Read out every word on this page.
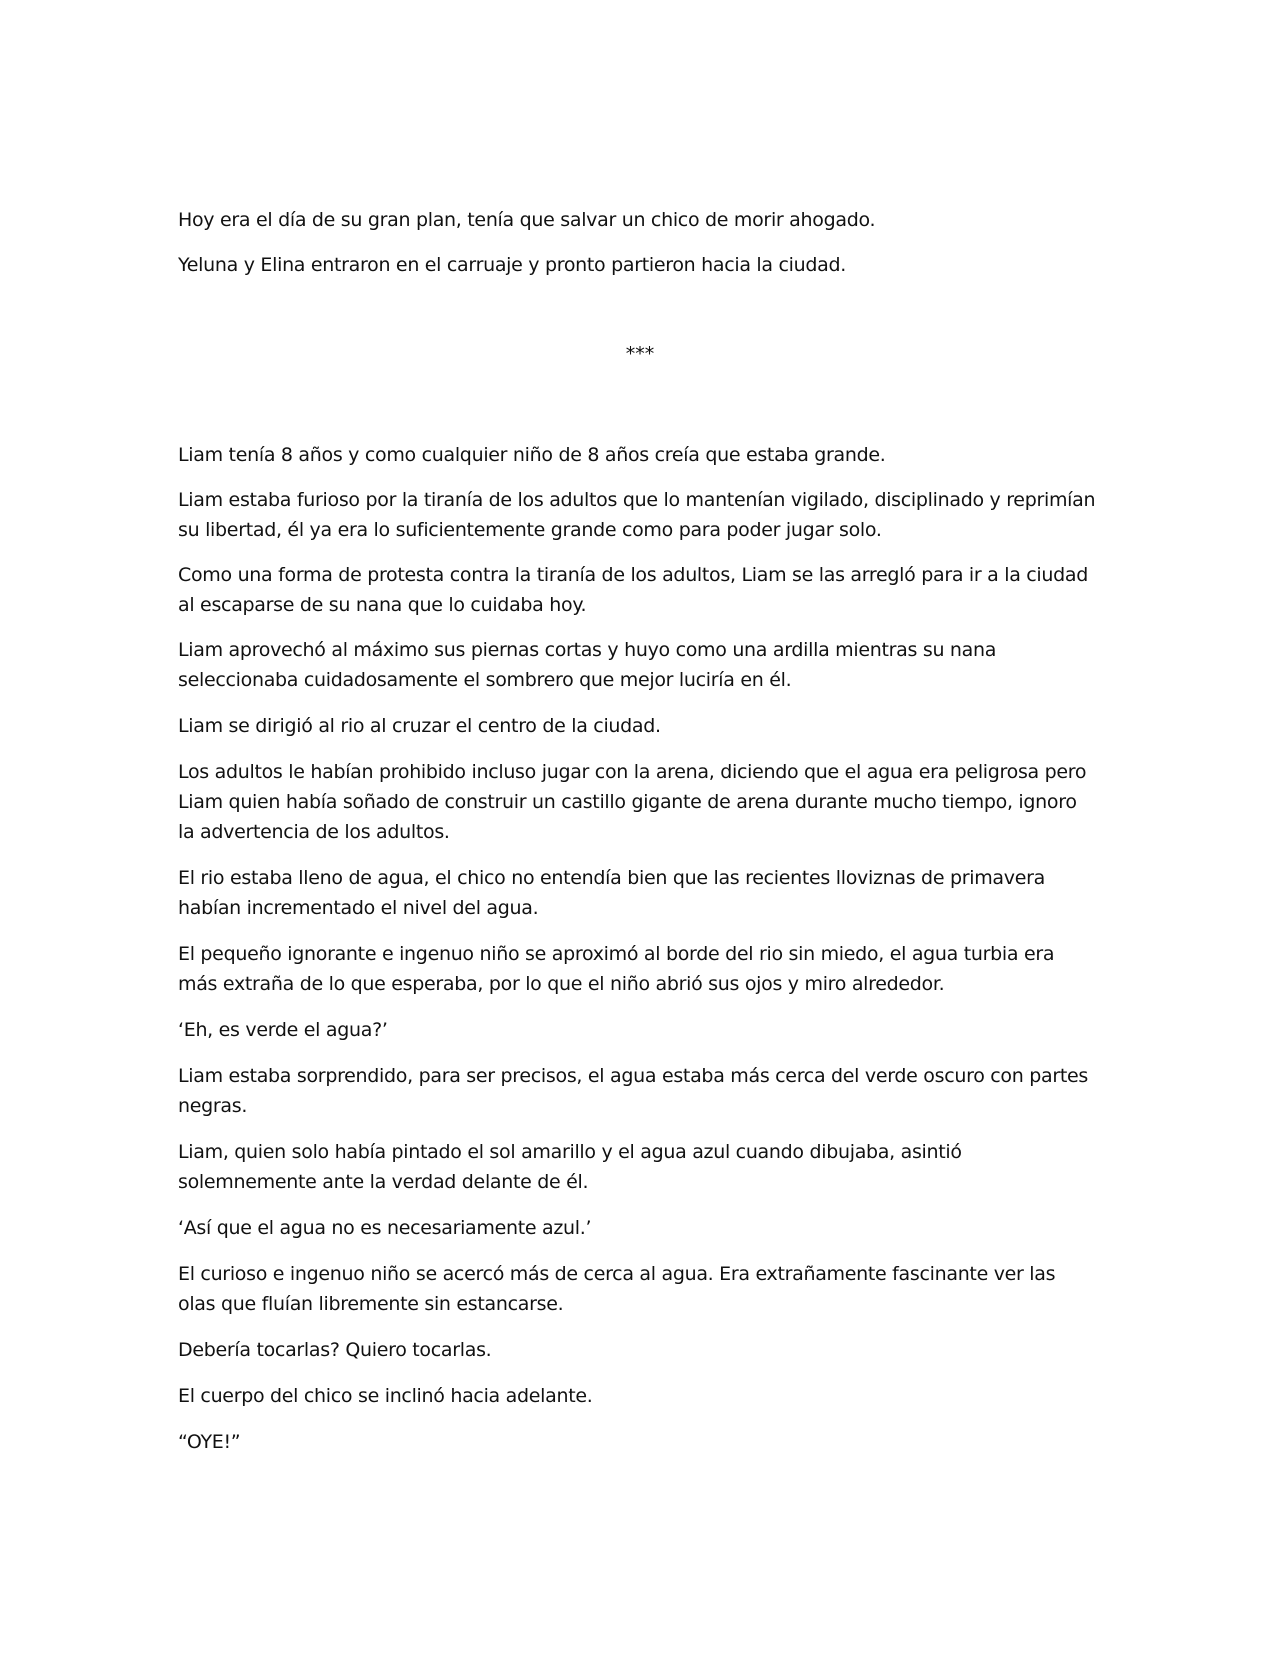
Hoy era el día de su gran plan, tenía que salvar un chico de morir ahogado.

Yeluna y Elina entraron en el carruaje y pronto partieron hacia la ciudad.

***

Liam tenía 8 años y como cualquier niño de 8 años creía que estaba grande.

Liam estaba furioso por la tiranía de los adultos que lo mantenían vigilado, disciplinado y reprimían su libertad, él ya era lo suficientemente grande como para poder jugar solo.

Como una forma de protesta contra la tiranía de los adultos, Liam se las arregló para ir a la ciudad al escaparse de su nana que lo cuidaba hoy.

Liam aprovechó al máximo sus piernas cortas y huyo como una ardilla mientras su nana seleccionaba cuidadosamente el sombrero que mejor luciría en él.

Liam se dirigió al rio al cruzar el centro de la ciudad.

Los adultos le habían prohibido incluso jugar con la arena, diciendo que el agua era peligrosa pero Liam quien había soñado de construir un castillo gigante de arena durante mucho tiempo, ignoro la advertencia de los adultos.

El rio estaba lleno de agua, el chico no entendía bien que las recientes lloviznas de primavera habían incrementado el nivel del agua.

El pequeño ignorante e ingenuo niño se aproximó al borde del rio sin miedo, el agua turbia era más extraña de lo que esperaba, por lo que el niño abrió sus ojos y miro alrededor.

‘Eh, es verde el agua?’

Liam estaba sorprendido, para ser precisos, el agua estaba más cerca del verde oscuro con partes negras.

Liam, quien solo había pintado el sol amarillo y el agua azul cuando dibujaba, asintió solemnemente ante la verdad delante de él.

‘Así que el agua no es necesariamente azul.’

El curioso e ingenuo niño se acercó más de cerca al agua. Era extrañamente fascinante ver las olas que fluían libremente sin estancarse.

Debería tocarlas? Quiero tocarlas.

El cuerpo del chico se inclinó hacia adelante.

“OYE!”
